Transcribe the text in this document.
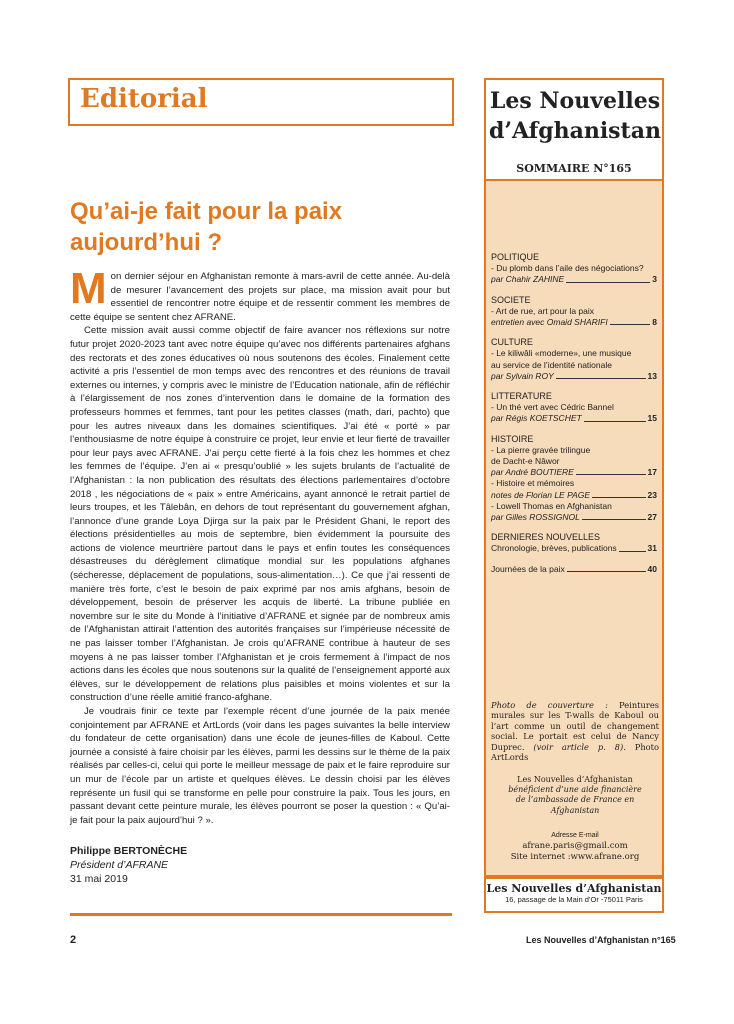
Editorial
Qu’ai-je fait pour la paix aujourd’hui ?

Mon dernier séjour en Afghanistan remonte à mars-avril de cette année. Au-delà de mesurer l’avancement des projets sur place, ma mission avait pour but essentiel de rencontrer notre équipe et de ressentir comment les membres de cette équipe se sentent chez AFRANE.

Cette mission avait aussi comme objectif de faire avancer nos réflexions sur notre futur projet 2020-2023 tant avec notre équipe qu’avec nos différents partenaires afghans des rectorats et des zones éducatives où nous soutenons des écoles. Finalement cette activité a pris l’essentiel de mon temps avec des rencontres et des réunions de travail externes ou internes, y compris avec le ministre de l’Education nationale, afin de réfléchir à l’élargissement de nos zones d’intervention dans le domaine de la formation des professeurs hommes et femmes, tant pour les petites classes (math, dari, pachto) que pour les autres niveaux dans les domaines scientifiques. J’ai été « porté » par l’enthousiasme de notre équipe à construire ce projet, leur envie et leur fierté de travailler pour leur pays avec AFRANE. J’ai perçu cette fierté à la fois chez les hommes et chez les femmes de l’équipe. J’en ai « presqu’oublié » les sujets brulants de l’actualité de l’Afghanistan : la non publication des résultats des élections parlementaires d’octobre 2018 , les négociations de « paix » entre Américains, ayant annoncé le retrait partiel de leurs troupes, et les Tâlebân, en dehors de tout représentant du gouvernement afghan, l’annonce d’une grande Loya Djirga sur la paix par le Président Ghani, le report des élections présidentielles au mois de septembre, bien évidemment la poursuite des actions de violence meurtrière partout dans le pays et enfin toutes les conséquences désastreuses du dérèglement climatique mondial sur les populations afghanes (sécheresse, déplacement de populations, sous-alimentation…). Ce que j’ai ressenti de manière très forte, c’est le besoin de paix exprimé par nos amis afghans, besoin de développement, besoin de préserver les acquis de liberté. La tribune publiée en novembre sur le site du Monde à l’initiative d’AFRANE et signée par de nombreux amis de l’Afghanistan attirait l’attention des autorités françaises sur l’impérieuse nécessité de ne pas laisser tomber l’Afghanistan. Je crois qu’AFRANE contribue à hauteur de ses moyens à ne pas laisser tomber l’Afghanistan et je crois fermement à l’impact de nos actions dans les écoles que nous soutenons sur la qualité de l’enseignement apporté aux élèves, sur le développement de relations plus paisibles et moins violentes et sur la construction d’une réelle amitié franco-afghane.

Je voudrais finir ce texte par l’exemple récent d’une journée de la paix menée conjointement par AFRANE et ArtLords (voir dans les pages suivantes la belle interview du fondateur de cette organisation) dans une école de jeunes-filles de Kaboul. Cette journée a consisté à faire choisir par les élèves, parmi les dessins sur le thème de la paix réalisés par celles-ci, celui qui porte le meilleur message de paix et le faire reproduire sur un mur de l’école par un artiste et quelques élèves. Le dessin choisi par les élèves représente un fusil qui se transforme en pelle pour construire la paix. Tous les jours, en passant devant cette peinture murale, les élèves pourront se poser la question : « Qu’ai-je fait pour la paix aujourd’hui ? ».

Philippe BERTONÈCHE
Président d’AFRANE
31 mai 2019
2	Les Nouvelles d’Afghanistan n°165
Les Nouvelles
d’Afghanistan
SOMMAIRE N°165
POLITIQUE
- Du plomb dans l’aile des négociations?
par Chahir ZAHINE	3
SOCIETE
- Art de rue, art pour la paix
entretien avec Omaid SHARIFI	8
CULTURE
- Le kiliwâli «moderne», une musique
au service de l’identité nationale
par Sylvain ROY	13
LITTERATURE
- Un thé vert avec Cédric Bannel
par Régis KOETSCHET	15
HISTOIRE
- La pierre gravée trilingue
de Dacht-e Nâwor
par André BOUTIERE	17
- Histoire et mémoires
notes de Florian LE PAGE	23
- Lowell Thomas en Afghanistan
par Gilles ROSSIGNOL	27
DERNIERES NOUVELLES
Chronologie, brèves, publications	31
Journées de la paix	40
Photo de couverture : Peintures murales sur les T-walls de Kaboul ou l’art comme un outil de changement social. Le portait est celui de Nancy Duprec. (voir article p. 8). Photo ArtLords
Les Nouvelles d’Afghanistan
bénéficient d’une aide financière
de l’ambassade de France en Afghanistan
Adresse E-mail
afrane.paris@gmail.com
Site internet :www.afrane.org
Les Nouvelles d’Afghanistan
16, passage de la Main d’Or -75011 Paris
